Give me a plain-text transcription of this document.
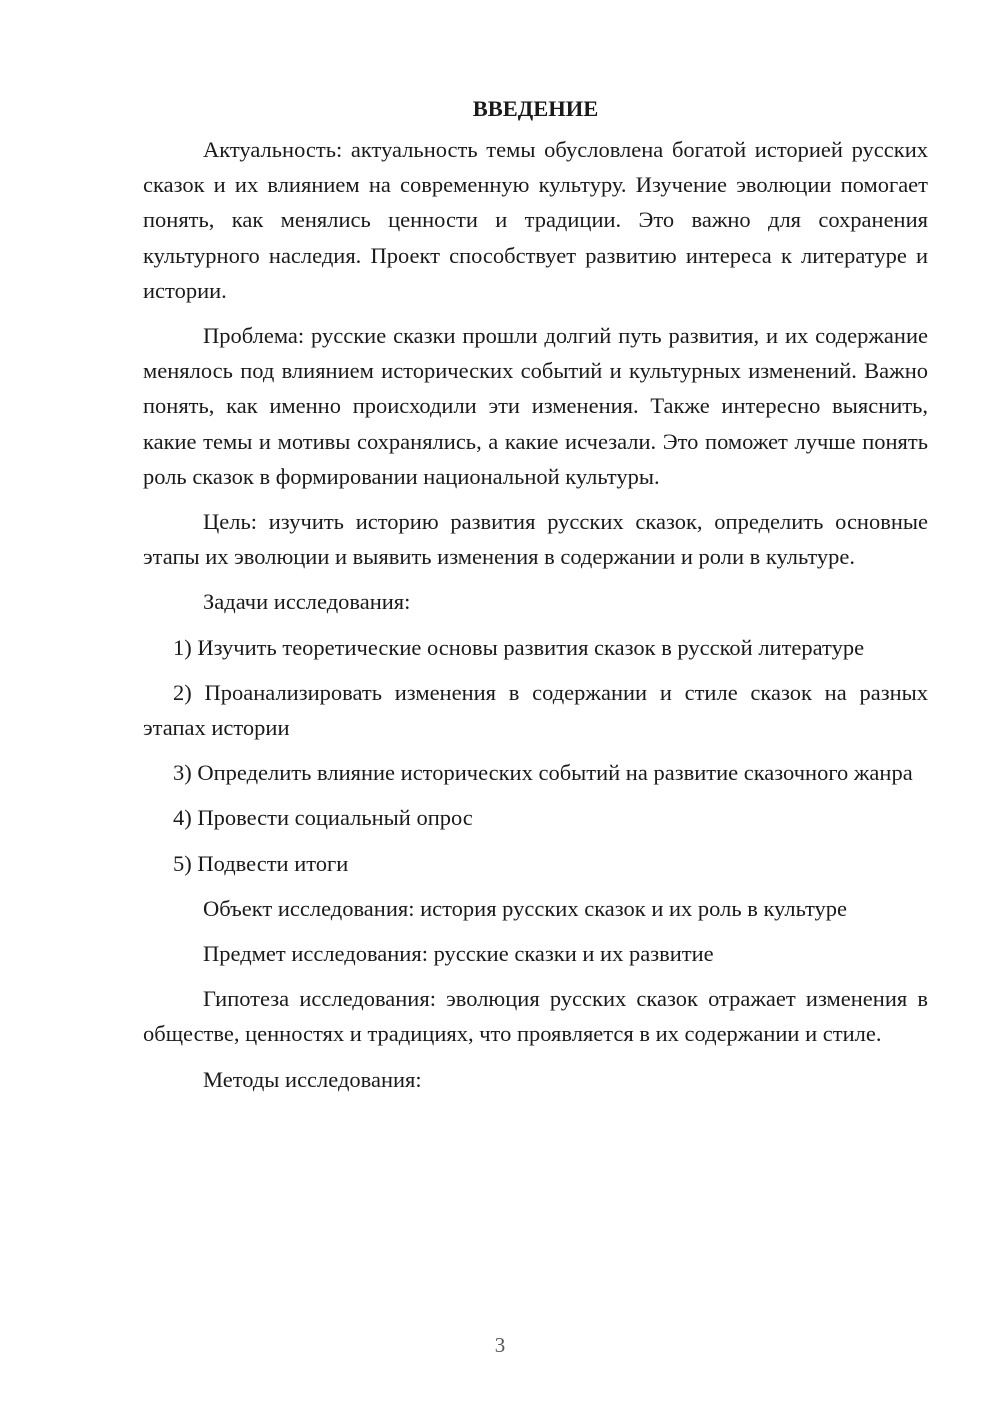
ВВЕДЕНИЕ

Актуальность: актуальность темы обусловлена богатой историей русских сказок и их влиянием на современную культуру. Изучение эволюции помогает понять, как менялись ценности и традиции. Это важно для сохранения культурного наследия. Проект способствует развитию интереса к литературе и истории.

Проблема: русские сказки прошли долгий путь развития, и их содержание менялось под влиянием исторических событий и культурных изменений. Важно понять, как именно происходили эти изменения. Также интересно выяснить, какие темы и мотивы сохранялись, а какие исчезали. Это поможет лучше понять роль сказок в формировании национальной культуры.

Цель: изучить историю развития русских сказок, определить основные этапы их эволюции и выявить изменения в содержании и роли в культуре.

Задачи исследования:

1) Изучить теоретические основы развития сказок в русской литературе

2) Проанализировать изменения в содержании и стиле сказок на разных этапах истории

3) Определить влияние исторических событий на развитие сказочного жанра

4) Провести социальный опрос

5) Подвести итоги

Объект исследования: история русских сказок и их роль в культуре

Предмет исследования: русские сказки и их развитие

Гипотеза исследования: эволюция русских сказок отражает изменения в обществе, ценностях и традициях, что проявляется в их содержании и стиле.

Методы исследования:

3
